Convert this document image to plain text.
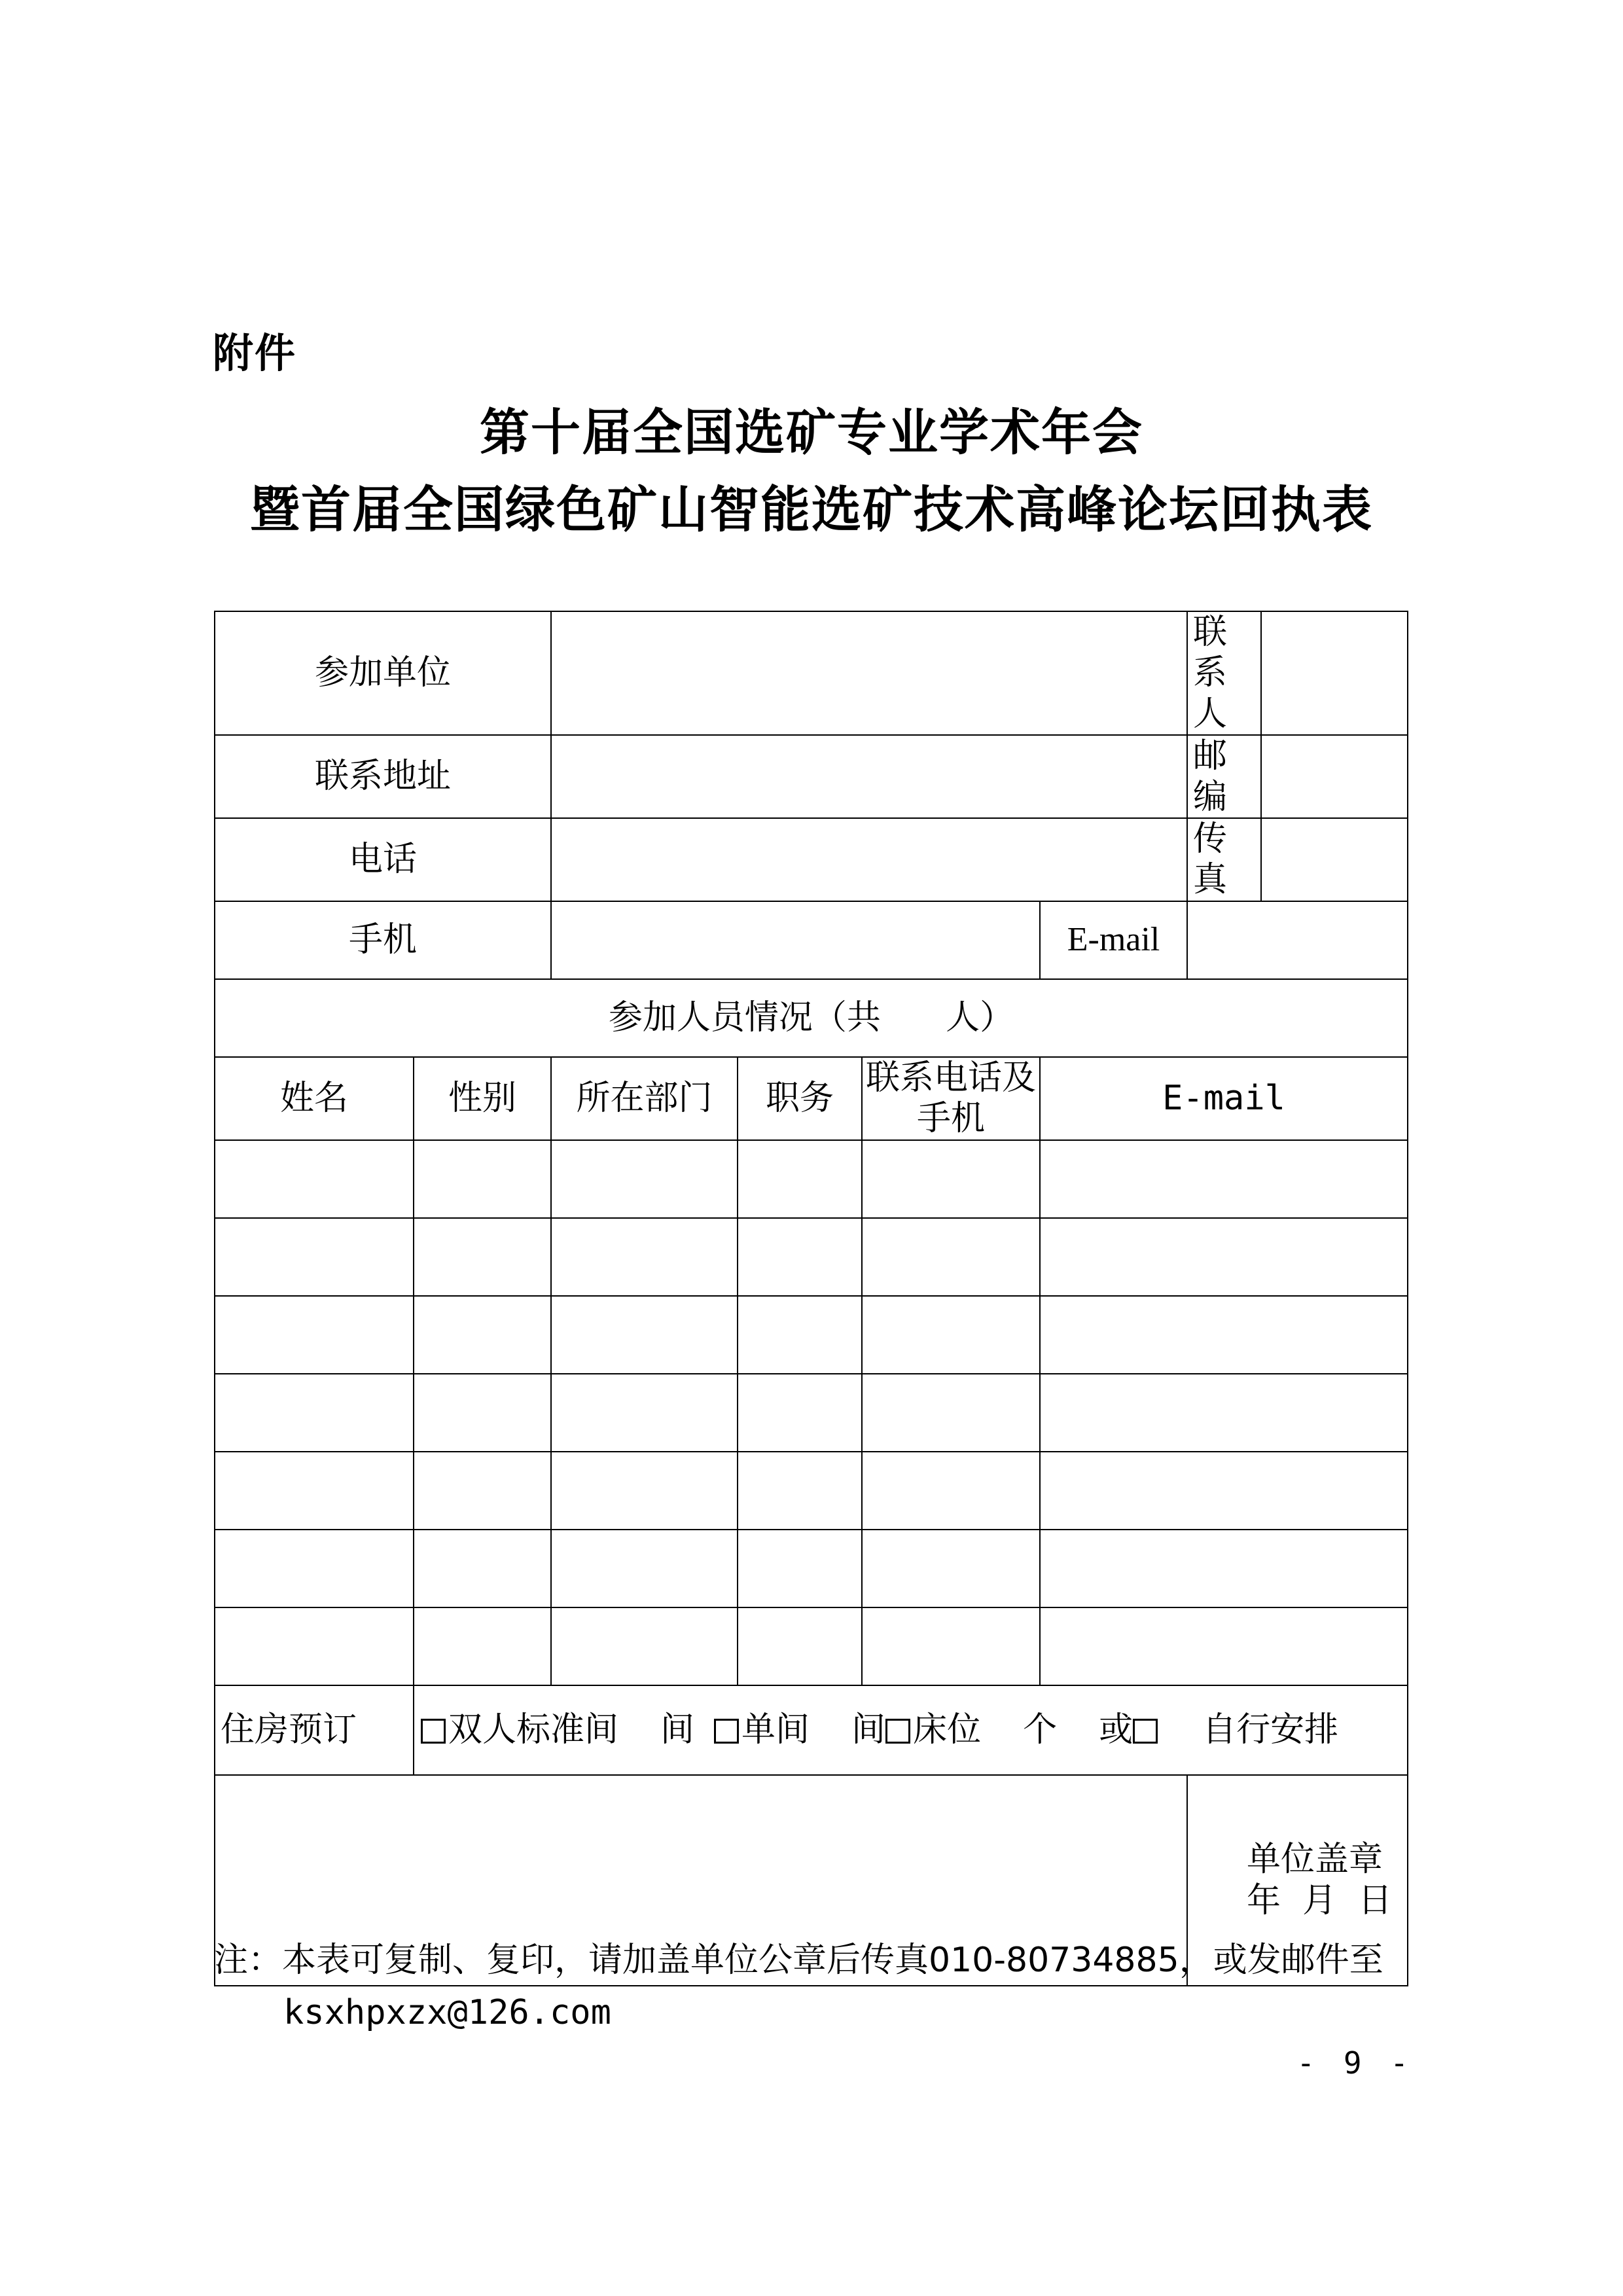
附件
第十届全国选矿专业学术年会
暨首届全国绿色矿山智能选矿技术高峰论坛回执表
参加单位						联系人	
联系地址						邮编	
电话						传真	
手机					E-mail		
参加人员情况（共      人）							
姓名	性别	所在部门	职务	联系电话及手机	E-mail		

住房预订	双人标准间 间 单间 间 床位 个 或 自行安排						

						单位盖章
年  月  日	
注：本表可复制、复印，请加盖单位公章后传真010-80734885，或发邮件至
ksxhpxzx@126.com
- 9 -
